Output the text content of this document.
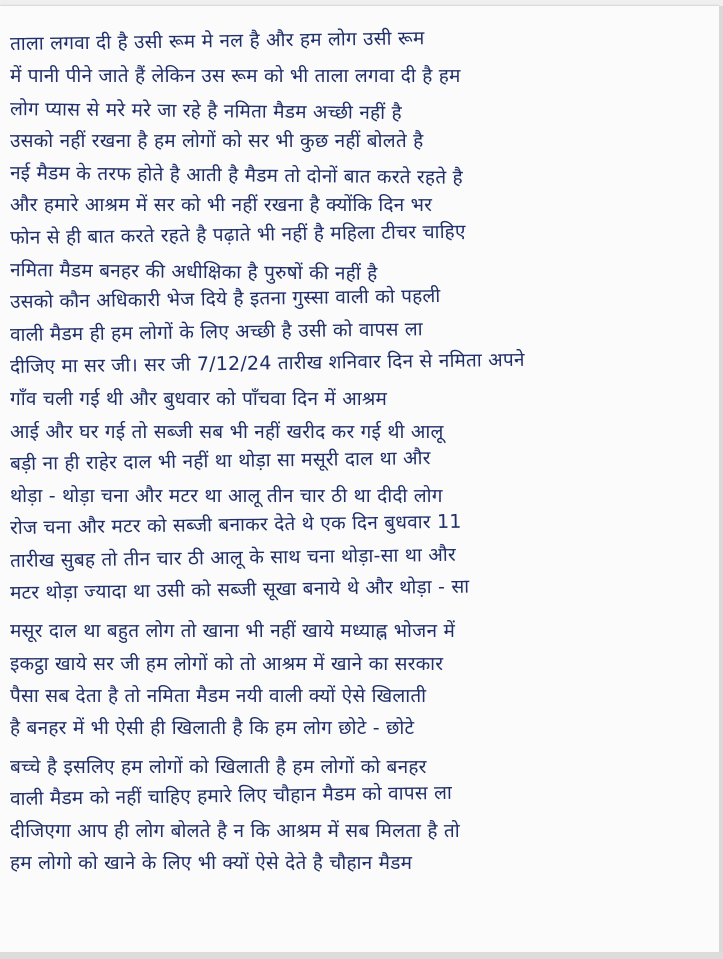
ताला लगवा दी है उसी रूम मे नल है और हम लोग उसी रूम
में पानी पीने जाते हैं लेकिन उस रूम को भी ताला लगवा दी है हम
लोग प्यास से मरे मरे जा रहे है नमिता मैडम अच्छी नहीं है
उसको नहीं रखना है हम लोगों को सर भी कुछ नहीं बोलते है
नई मैडम के तरफ होते है आती है मैडम तो दोनों बात करते रहते है
और हमारे आश्रम में सर को भी नहीं रखना है क्योंकि दिन भर
फोन से ही बात करते रहते है पढ़ाते भी नहीं है महिला टीचर चाहिए
नमिता मैडम बनहर की अधीक्षिका है पुरुषों की नहीं है
उसको कौन अधिकारी भेज दिये है इतना गुस्सा वाली को पहली
वाली मैडम ही हम लोगों के लिए अच्छी है उसी को वापस ला
दीजिए मा सर जी। सर जी 7/12/24 तारीख शनिवार दिन से नमिता अपने
गाँव चली गई थी और बुधवार को पाँचवा दिन में आश्रम
आई और घर गई तो सब्जी सब भी नहीं खरीद कर गई थी आलू
बड़ी ना ही राहेर दाल भी नहीं था थोड़ा सा मसूरी दाल था और
थोड़ा - थोड़ा चना और मटर था आलू तीन चार ठी था दीदी लोग
रोज चना और मटर को सब्जी बनाकर देते थे एक दिन बुधवार 11
तारीख सुबह तो तीन चार ठी आलू के साथ चना थोड़ा-सा था और
मटर थोड़ा ज्यादा था उसी को सब्जी सूखा बनाये थे और थोड़ा - सा
मसूर दाल था बहुत लोग तो खाना भी नहीं खाये मध्याह्न भोजन में
इकट्ठा खाये सर जी हम लोगों को तो आश्रम में खाने का सरकार
पैसा सब देता है तो नमिता मैडम नयी वाली क्यों ऐसे खिलाती
है बनहर में भी ऐसी ही खिलाती है कि हम लोग छोटे - छोटे
बच्चे है इसलिए हम लोगों को खिलाती है हम लोगों को बनहर
वाली मैडम को नहीं चाहिए हमारे लिए चौहान मैडम को वापस ला
दीजिएगा आप ही लोग बोलते है न कि आश्रम में सब मिलता है तो
हम लोगो को खाने के लिए भी क्यों ऐसे देते है चौहान मैडम
